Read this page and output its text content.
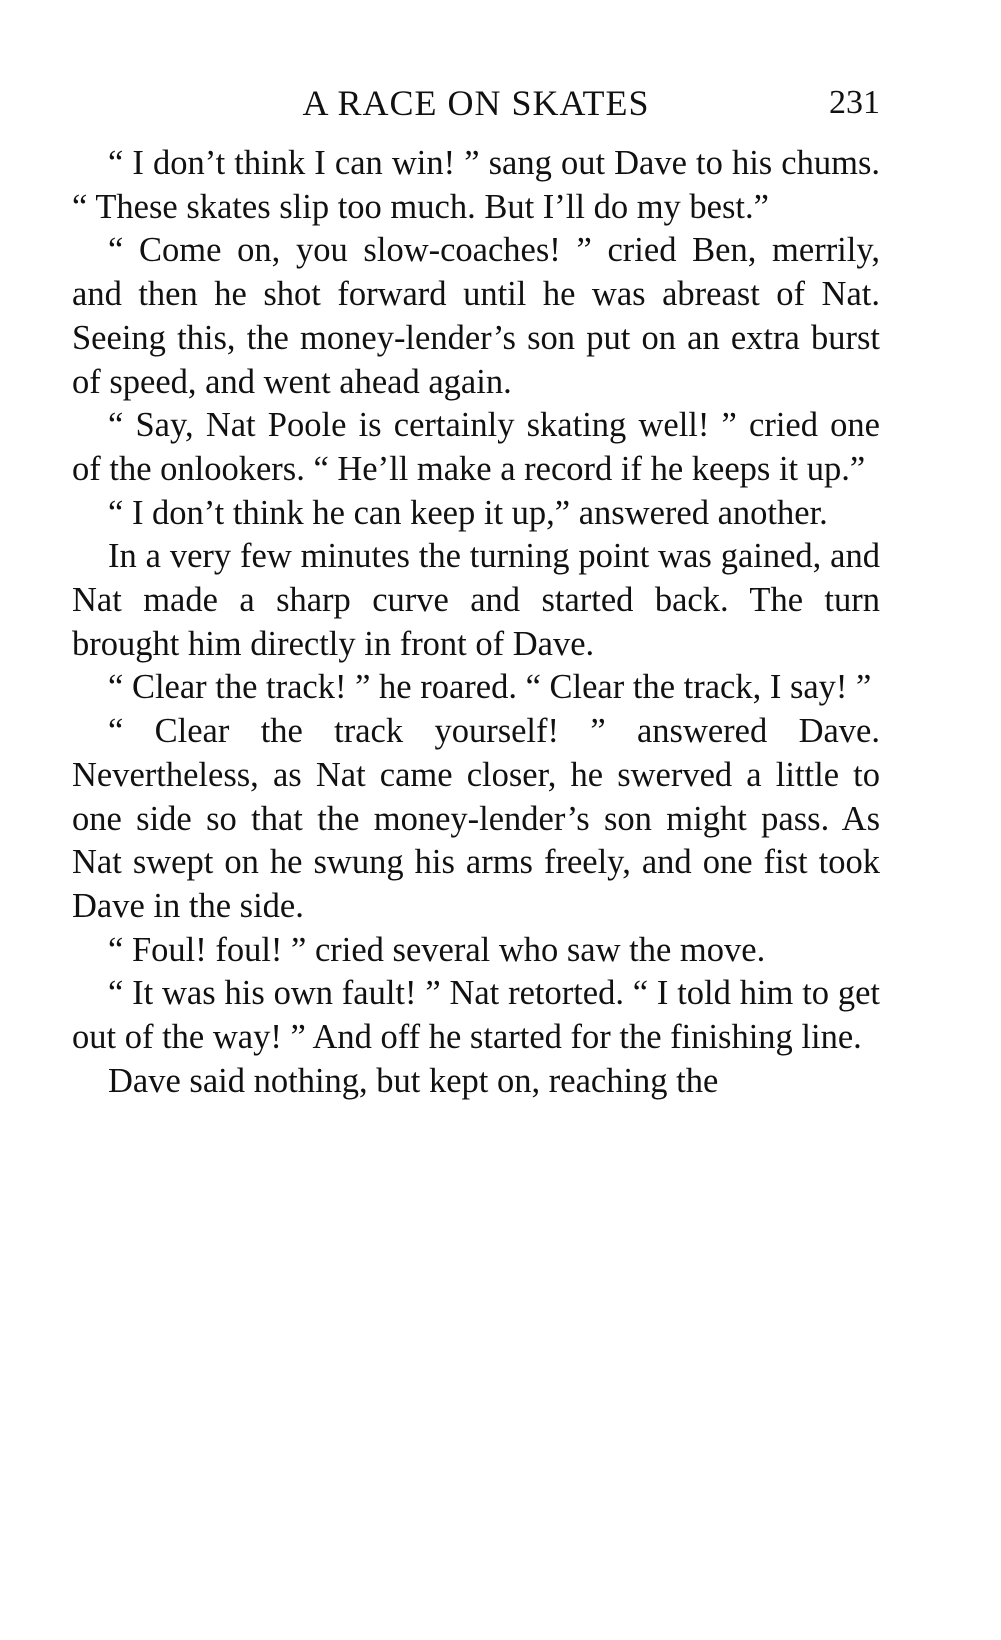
A RACE ON SKATES	231

“ I don’t think I can win! ” sang out Dave to his chums. “ These skates slip too much. But I’ll do my best.”

“ Come on, you slow-coaches! ” cried Ben, merrily, and then he shot forward until he was abreast of Nat. Seeing this, the money-lender’s son put on an extra burst of speed, and went ahead again.

“ Say, Nat Poole is certainly skating well! ” cried one of the onlookers. “ He’ll make a record if he keeps it up.”

“ I don’t think he can keep it up,” answered another.

In a very few minutes the turning point was gained, and Nat made a sharp curve and started back. The turn brought him directly in front of Dave.

“ Clear the track! ” he roared. “ Clear the track, I say! ”

“ Clear the track yourself! ” answered Dave. Nevertheless, as Nat came closer, he swerved a little to one side so that the money-lender’s son might pass. As Nat swept on he swung his arms freely, and one fist took Dave in the side.

“ Foul! foul! ” cried several who saw the move.

“ It was his own fault! ” Nat retorted. “ I told him to get out of the way! ” And off he started for the finishing line.

Dave said nothing, but kept on, reaching the
